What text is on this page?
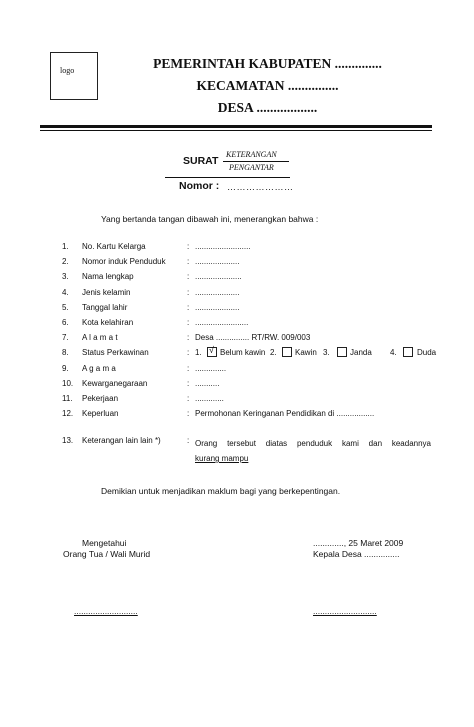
logo	PEMERINTAH KABUPATEN ..............
KECAMATAN ...............
DESA ..................
SURAT
KETERANGAN
PENGANTAR
Nomor : …………………
Yang bertanda tangan dibawah ini, menerangkan bahwa :
1. No. Kartu Kelarga	: .........................
2. Nomor induk Penduduk	: ....................
3. Nama lengkap	: .....................
4. Jenis kelamin	: ....................
5. Tanggal lahir	: ....................
6. Kota kelahiran	: ........................
7. A l a m a t	: Desa ............... RT/RW. 009/003
8. Status Perkawinan	: 1. √ Belum kawin 2. Kawin 3.	Janda 4.	Duda
9. A g a m a	: ..............
10. Kewarganegaraan	: ...........
11. Pekerjaan	: .............
12. Keperluan	: Permohonan Keringanan Pendidikan di .................
13. Keterangan lain lain *)	: Orang tersebut diatas penduduk kami dan keadannya
kurang mampu
Demikian untuk menjadikan maklum bagi yang berkepentingan.
Mengetahui
Orang Tua / Wali Murid
...........................
............., 25 Maret 2009
Kepala Desa ...............
...........................
